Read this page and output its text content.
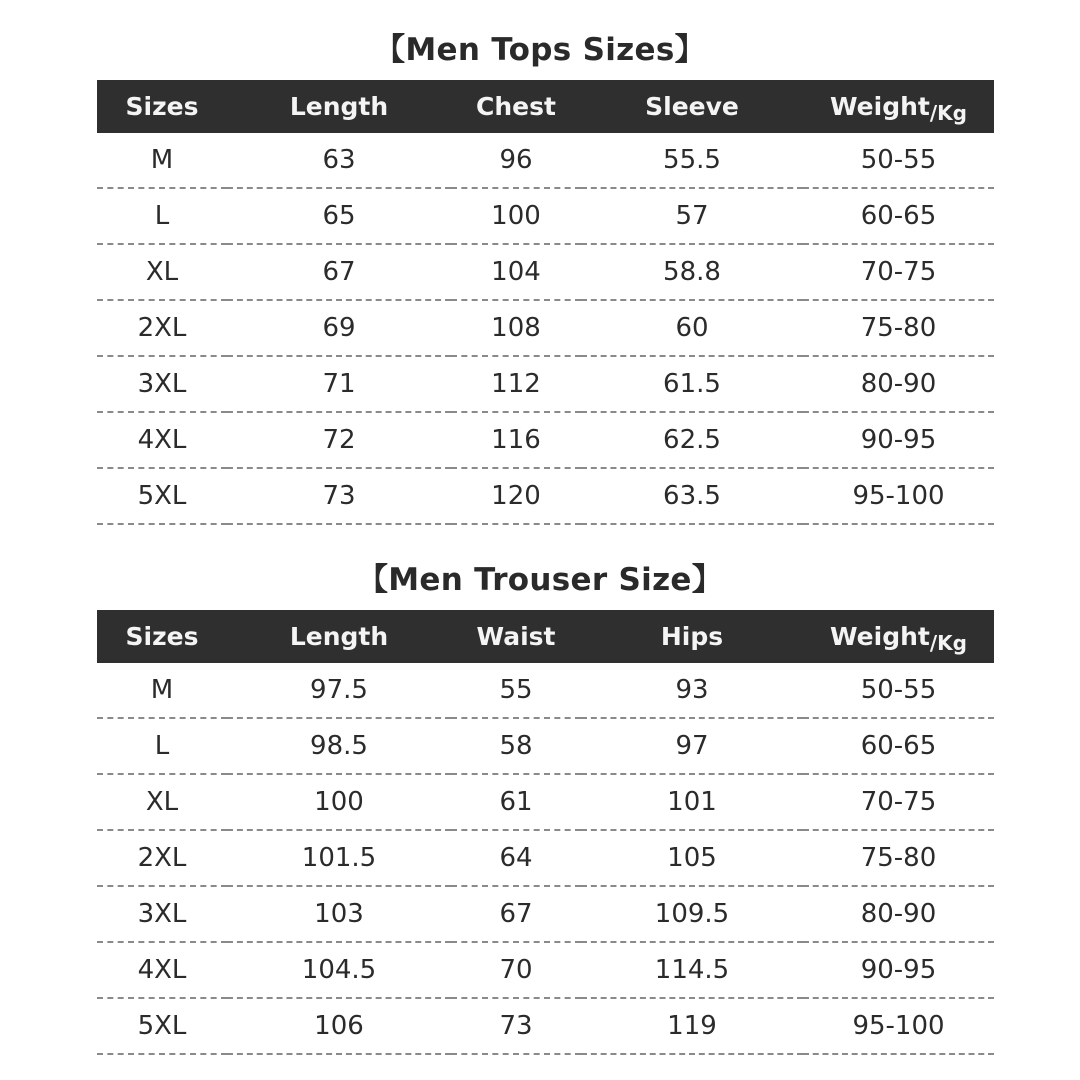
【Men Tops Sizes】
Sizes	Length	Chest	Sleeve	Weight$_{/Kg}$
M	63	96	55.5	50-55
L	65	100	57	60-65
XL	67	104	58.8	70-75
2XL	69	108	60	75-80
3XL	71	112	61.5	80-90
4XL	72	116	62.5	90-95
5XL	73	120	63.5	95-100
【Men Trouser Size】
Sizes	Length	Waist	Hips	Weight$_{/Kg}$
M	97.5	55	93	50-55
L	98.5	58	97	60-65
XL	100	61	101	70-75
2XL	101.5	64	105	75-80
3XL	103	67	109.5	80-90
4XL	104.5	70	114.5	90-95
5XL	106	73	119	95-100
